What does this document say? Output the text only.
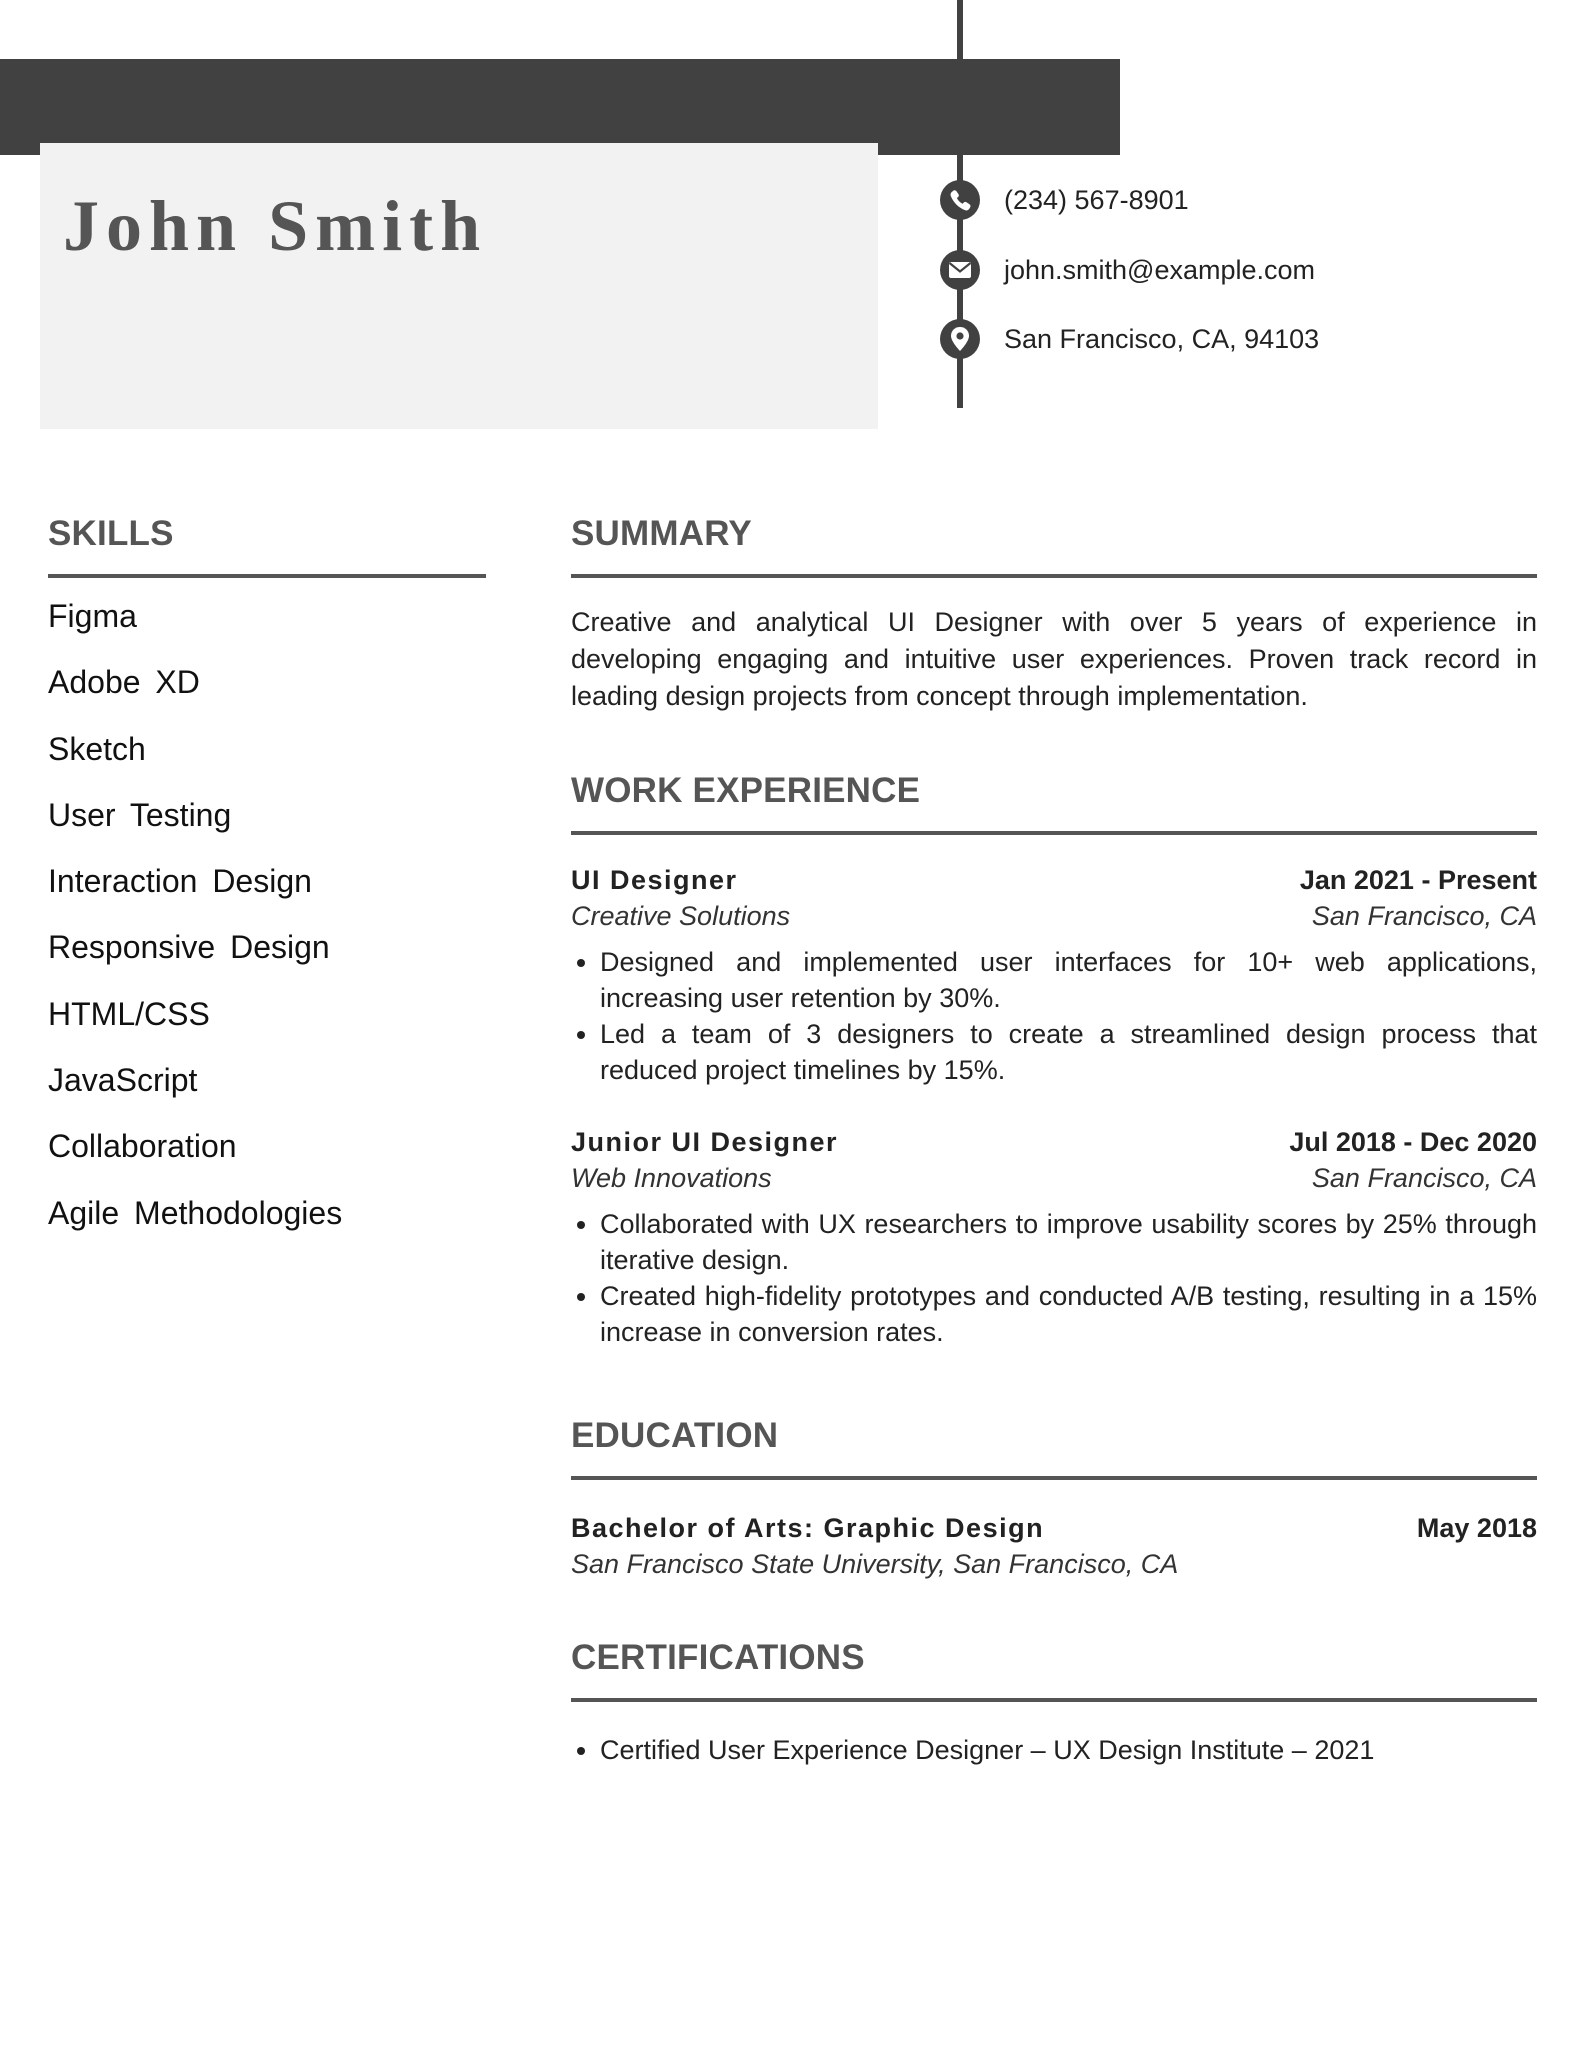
John Smith	(234) 567-8901
john.smith@example.com
San Francisco, CA, 94103
SKILLS
Figma
Adobe XD
Sketch
User Testing
Interaction Design
Responsive Design
HTML/CSS
JavaScript
Collaboration
Agile Methodologies
SUMMARY

Creative and analytical UI Designer with over 5 years of experience in developing engaging and intuitive user experiences. Proven track record in leading design projects from concept through implementation.

WORK EXPERIENCE
UI Designer	Jan 2021 - Present
Creative Solutions	San Francisco, CA
• Designed and implemented user interfaces for 10+ web applications, increasing user retention by 30%.
• Led a team of 3 designers to create a streamlined design process that reduced project timelines by 15%.
Junior UI Designer	Jul 2018 - Dec 2020
Web Innovations	San Francisco, CA
• Collaborated with UX researchers to improve usability scores by 25% through iterative design.
• Created high-fidelity prototypes and conducted A/B testing, resulting in a 15% increase in conversion rates.
EDUCATION
Bachelor of Arts: Graphic Design	May 2018
San Francisco State University, San Francisco, CA
CERTIFICATIONS
• Certified User Experience Designer – UX Design Institute – 2021
